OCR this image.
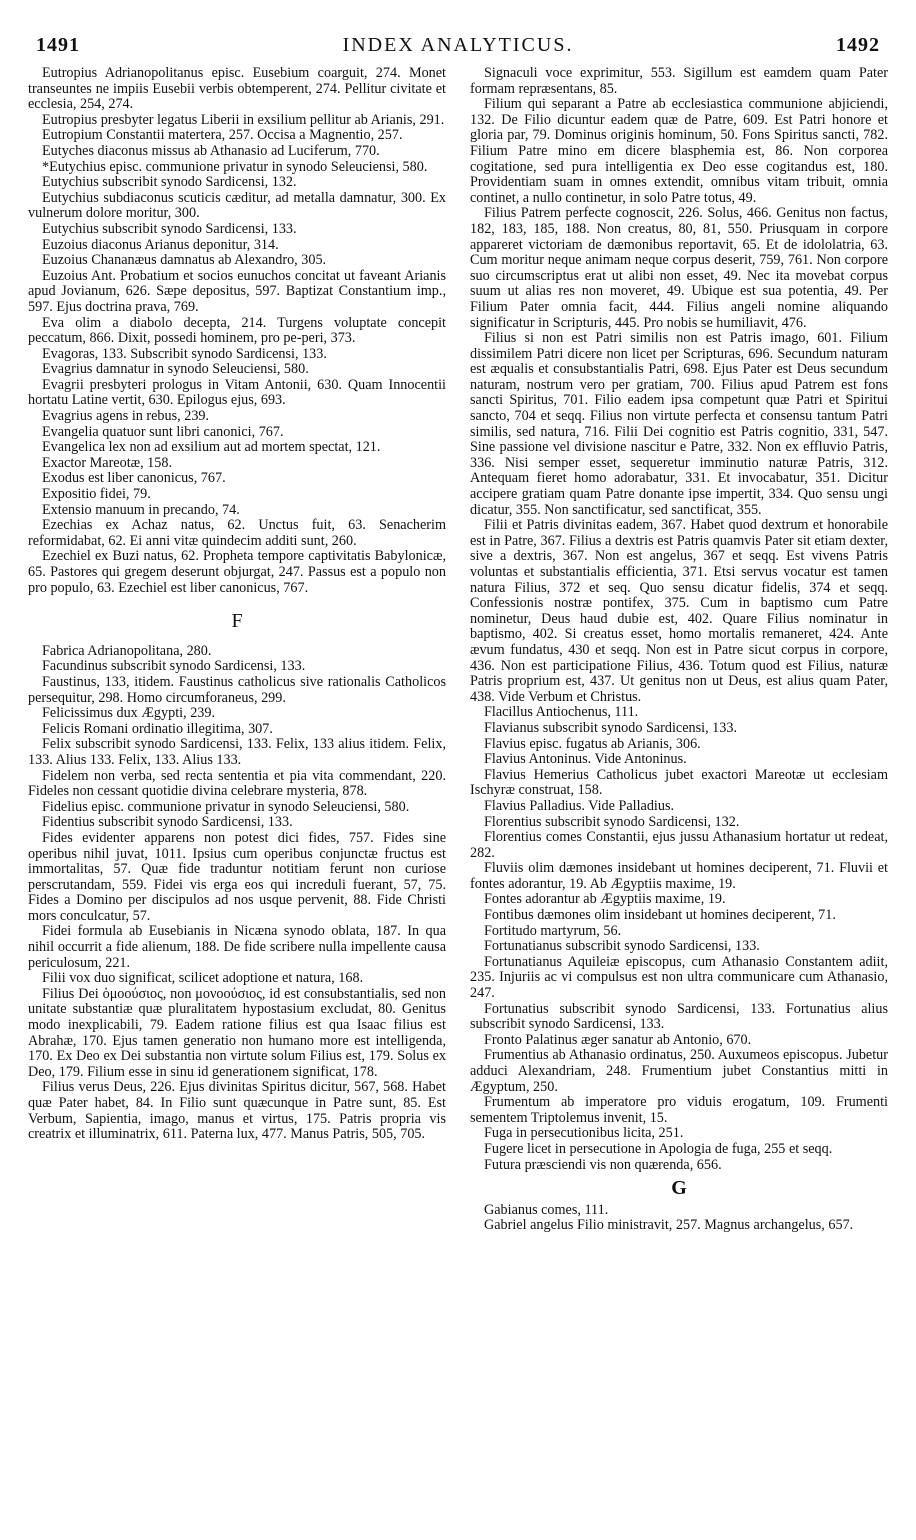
1491	INDEX ANALYTICUS.	1492

Eutropius Adrianopolitanus episc. Eusebium coarguit, 274. Monet transeuntes ne impiis Eusebii verbis obtemperent, 274. Pellitur civitate et ecclesia, 254, 274.

Eutropius presbyter legatus Liberii in exsilium pellitur ab Arianis, 291.

Eutropium Constantii matertera, 257. Occisa a Magnentio, 257.

Eutyches diaconus missus ab Athanasio ad Luciferum, 770.

*Eutychius episc. communione privatur in synodo Seleuciensi, 580.

Eutychius subscribit synodo Sardicensi, 132.

Eutychius subdiaconus scuticis cæditur, ad metalla damnatur, 300. Ex vulnerum dolore moritur, 300.

Eutychius subscribit synodo Sardicensi, 133.

Euzoius diaconus Arianus deponitur, 314.

Euzoius Chananæus damnatus ab Alexandro, 305.

Euzoius Ant. Probatium et socios eunuchos concitat ut faveant Arianis apud Jovianum, 626. Sæpe depositus, 597. Baptizat Constantium imp., 597. Ejus doctrina prava, 769.

Eva olim a diabolo decepta, 214. Turgens voluptate concepit peccatum, 866. Dixit, possedi hominem, pro pe-peri, 373.

Evagoras, 133. Subscribit synodo Sardicensi, 133.

Evagrius damnatur in synodo Seleuciensi, 580.

Evagrii presbyteri prologus in Vitam Antonii, 630. Quam Innocentii hortatu Latine vertit, 630. Epilogus ejus, 693.

Evagrius agens in rebus, 239.

Evangelia quatuor sunt libri canonici, 767.

Evangelica lex non ad exsilium aut ad mortem spectat, 121.

Exactor Mareotæ, 158.

Exodus est liber canonicus, 767.

Expositio fidei, 79.

Extensio manuum in precando, 74.

Ezechias ex Achaz natus, 62. Unctus fuit, 63. Senacherim reformidabat, 62. Ei anni vitæ quindecim additi sunt, 260.

Ezechiel ex Buzi natus, 62. Propheta tempore captivitatis Babylonicæ, 65. Pastores qui gregem deserunt objurgat, 247. Passus est a populo non pro populo, 63. Ezechiel est liber canonicus, 767.

F

Fabrica Adrianopolitana, 280.

Facundinus subscribit synodo Sardicensi, 133.

Faustinus, 133, itidem. Faustinus catholicus sive rationalis Catholicos persequitur, 298. Homo circumforaneus, 299.

Felicissimus dux Ægypti, 239.

Felicis Romani ordinatio illegitima, 307.

Felix subscribit synodo Sardicensi, 133. Felix, 133 alius itidem. Felix, 133. Alius 133. Felix, 133. Alius 133.

Fidelem non verba, sed recta sententia et pia vita commendant, 220. Fideles non cessant quotidie divina celebrare mysteria, 878.

Fidelius episc. communione privatur in synodo Seleuciensi, 580.

Fidentius subscribit synodo Sardicensi, 133.

Fides evidenter apparens non potest dici fides, 757. Fides sine operibus nihil juvat, 1011. Ipsius cum operibus conjunctæ fructus est immortalitas, 57. Quæ fide traduntur notitiam ferunt non curiose perscrutandam, 559. Fidei vis erga eos qui increduli fuerant, 57, 75. Fides a Domino per discipulos ad nos usque pervenit, 88. Fide Christi mors conculcatur, 57.

Fidei formula ab Eusebianis in Nicæna synodo oblata, 187. In qua nihil occurrit a fide alienum, 188. De fide scribere nulla impellente causa periculosum, 221.

Filii vox duo significat, scilicet adoptione et natura, 168.

Filius Dei ὁμοούσιος, non μονοούσιος, id est consubstantialis, sed non unitate substantiæ quæ pluralitatem hypostasium excludat, 80. Genitus modo inexplicabili, 79. Eadem ratione filius est qua Isaac filius est Abrahæ, 170. Ejus tamen generatio non humano more est intelligenda, 170. Ex Deo ex Dei substantia non virtute solum Filius est, 179. Solus ex Deo, 179. Filium esse in sinu id generationem significat, 178.

Filius verus Deus, 226. Ejus divinitas Spiritus dicitur, 567, 568. Habet quæ Pater habet, 84. In Filio sunt quæcunque in Patre sunt, 85. Est Verbum, Sapientia, imago, manus et virtus, 175. Patris propria vis creatrix et illuminatrix, 611. Paterna lux, 477. Manus Patris, 505, 705.

Signaculi voce exprimitur, 553. Sigillum est eamdem quam Pater formam repræsentans, 85.

Filium qui separant a Patre ab ecclesiastica communione abjiciendi, 132. De Filio dicuntur eadem quæ de Patre, 609. Est Patri honore et gloria par, 79. Dominus originis hominum, 50. Fons Spiritus sancti, 782. Filium Patre mino em dicere blasphemia est, 86. Non corporea cogitatione, sed pura intelligentia ex Deo esse cogitandus est, 180. Providentiam suam in omnes extendit, omnibus vitam tribuit, omnia continet, a nullo continetur, in solo Patre totus, 49.

Filius Patrem perfecte cognoscit, 226. Solus, 466. Genitus non factus, 182, 183, 185, 188. Non creatus, 80, 81, 550. Priusquam in corpore appareret victoriam de dæmonibus reportavit, 65. Et de idololatria, 63. Cum moritur neque animam neque corpus deserit, 759, 761. Non corpore suo circumscriptus erat ut alibi non esset, 49. Nec ita movebat corpus suum ut alias res non moveret, 49. Ubique est sua potentia, 49. Per Filium Pater omnia facit, 444. Filius angeli nomine aliquando significatur in Scripturis, 445. Pro nobis se humiliavit, 476.

Filius si non est Patri similis non est Patris imago, 601. Filium dissimilem Patri dicere non licet per Scripturas, 696. Secundum naturam est æqualis et consubstantialis Patri, 698. Ejus Pater est Deus secundum naturam, nostrum vero per gratiam, 700. Filius apud Patrem est fons sancti Spiritus, 701. Filio eadem ipsa competunt quæ Patri et Spiritui sancto, 704 et seqq. Filius non virtute perfecta et consensu tantum Patri similis, sed natura, 716. Filii Dei cognitio est Patris cognitio, 331, 547. Sine passione vel divisione nascitur e Patre, 332. Non ex effluvio Patris, 336. Nisi semper esset, sequeretur imminutio naturæ Patris, 312. Antequam fieret homo adorabatur, 331. Et invocabatur, 351. Dicitur accipere gratiam quam Patre donante ipse impertit, 334. Quo sensu ungi dicatur, 355. Non sanctificatur, sed sanctificat, 355.

Filii et Patris divinitas eadem, 367. Habet quod dextrum et honorabile est in Patre, 367. Filius a dextris est Patris quamvis Pater sit etiam dexter, sive a dextris, 367. Non est angelus, 367 et seqq. Est vivens Patris voluntas et substantialis efficientia, 371. Etsi servus vocatur est tamen natura Filius, 372 et seq. Quo sensu dicatur fidelis, 374 et seqq. Confessionis nostræ pontifex, 375. Cum in baptismo cum Patre nominetur, Deus haud dubie est, 402. Quare Filius nominatur in baptismo, 402. Si creatus esset, homo mortalis remaneret, 424. Ante ævum fundatus, 430 et seqq. Non est in Patre sicut corpus in corpore, 436. Non est participatione Filius, 436. Totum quod est Filius, naturæ Patris proprium est, 437. Ut genitus non ut Deus, est alius quam Pater, 438. Vide Verbum et Christus.

Flacillus Antiochenus, 111.

Flavianus subscribit synodo Sardicensi, 133.

Flavius episc. fugatus ab Arianis, 306.

Flavius Antoninus. Vide Antoninus.

Flavius Hemerius Catholicus jubet exactori Mareotæ ut ecclesiam Ischyræ construat, 158.

Flavius Palladius. Vide Palladius.

Florentius subscribit synodo Sardicensi, 132.

Florentius comes Constantii, ejus jussu Athanasium hortatur ut redeat, 282.

Fluviis olim dæmones insidebant ut homines deciperent, 71. Fluvii et fontes adorantur, 19. Ab Ægyptiis maxime, 19.

Fontes adorantur ab Ægyptiis maxime, 19.

Fontibus dæmones olim insidebant ut homines deciperent, 71.

Fortitudo martyrum, 56.

Fortunatianus subscribit synodo Sardicensi, 133.

Fortunatianus Aquileiæ episcopus, cum Athanasio Constantem adiit, 235. Injuriis ac vi compulsus est non ultra communicare cum Athanasio, 247.

Fortunatius subscribit synodo Sardicensi, 133. Fortunatius alius subscribit synodo Sardicensi, 133.

Fronto Palatinus æger sanatur ab Antonio, 670.

Frumentius ab Athanasio ordinatus, 250. Auxumeos episcopus. Jubetur adduci Alexandriam, 248. Frumentium jubet Constantius mitti in Ægyptum, 250.

Frumentum ab imperatore pro viduis erogatum, 109. Frumenti sementem Triptolemus invenit, 15.

Fuga in persecutionibus licita, 251.

Fugere licet in persecutione in Apologia de fuga, 255 et seqq.

Futura præsciendi vis non quærenda, 656.

G

Gabianus comes, 111.

Gabriel angelus Filio ministravit, 257. Magnus archangelus, 657.
